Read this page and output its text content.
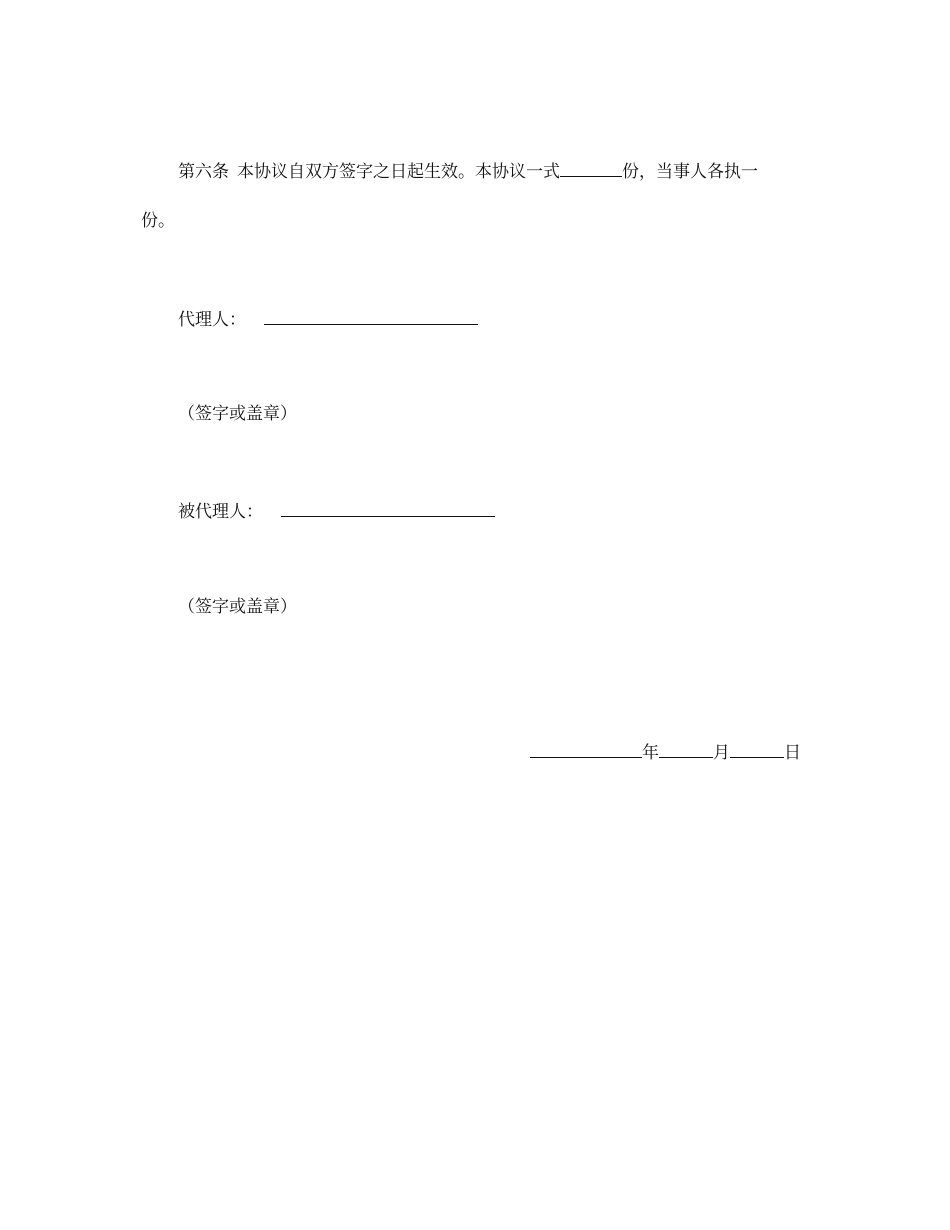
第六条 本协议自双方签字之日起生效。本协议一式	份，当事人各执一
份。
代理人：
（签字或盖章）
被代理人：
（签字或盖章）
年	月	日
